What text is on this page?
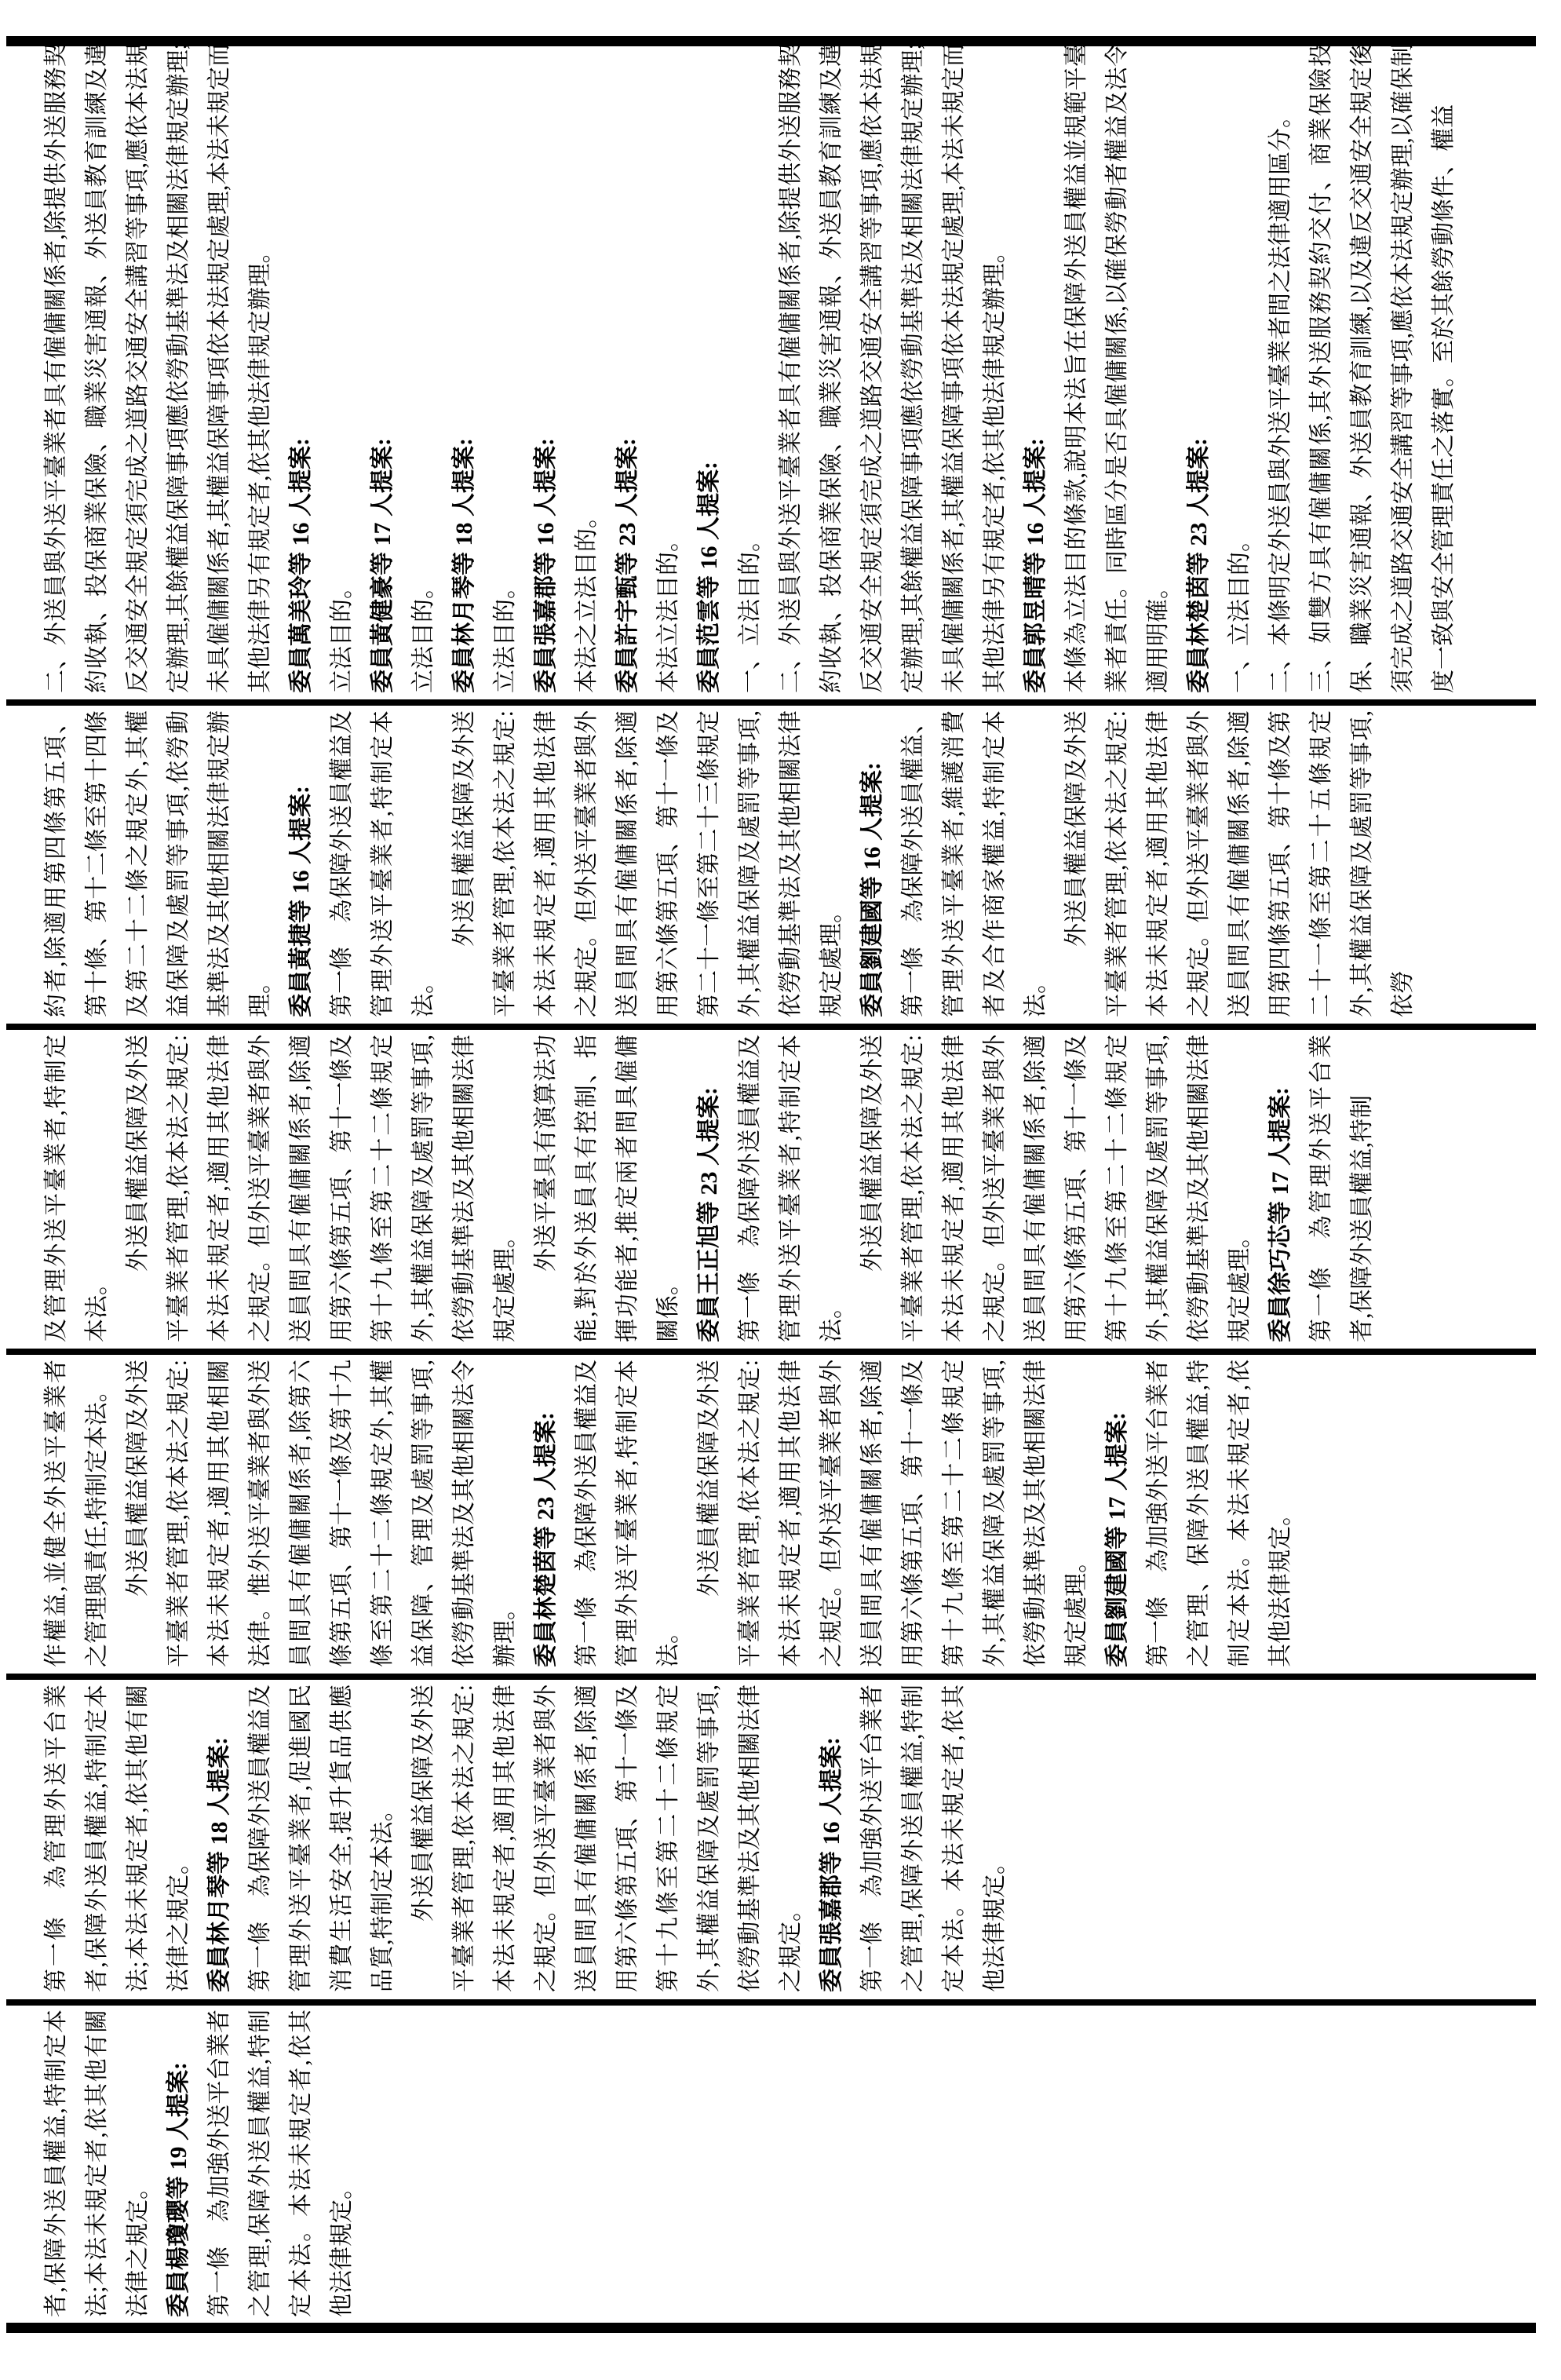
者,保障外送員權益,特制定本法;本法未規定者,依其他有關法律之規定。 委員楊瓊瓔等 19 人提案: 第一條　為加強外送平台業者之管理,保障外送員權益,特制定本法。本法未規定者,依其他法律規定。

第一條　為管理外送平台業者,保障外送員權益,特制定本法;本法未規定者,依其他有關法律之規定。 委員林月琴等 18 人提案: 第一條　為保障外送員權益及管理外送平臺業者,促進國民消費生活安全,提升貨品供應品質,特制定本法。 外送員權益保障及外送平臺業者管理,依本法之規定:本法未規定者,適用其他法律之規定。但外送平臺業者與外送員間具有僱傭關係者,除適用第六條第五項、第十一條及第十九條至第二十二條規定外,其權益保障及處罰等事項,依勞動基準法及其他相關法律之規定。 委員張嘉郡等 16 人提案: 第一條　為加強外送平台業者之管理,保障外送員權益,特制定本法。本法未規定者,依其他法律規定。

作權益,並健全外送平臺業者之管理與責任,特制定本法。 外送員權益保障及外送平臺業者管理,依本法之規定:本法未規定者,適用其他相關法律。惟外送平臺業者與外送員間具有僱傭關係者,除第六條第五項、第十一條及第十九條至第二十二條規定外,其權益保障、管理及處罰等事項,依勞動基準法及其他相關法令辦理。 委員林楚茵等 23 人提案: 第一條　為保障外送員權益及管理外送平臺業者,特制定本法。

外送員權益保障及外送平臺業者管理,依本法之規定:本法未規定者,適用其他法律之規定。但外送平臺業者與外送員間具有僱傭關係者,除適用第六條第五項、第十一條及第十九條至第二十二條規定外,其權益保障及處罰等事項,依勞動基準法及其他相關法律規定處理。 委員劉建國等 17 人提案: 第一條　為加強外送平台業者之管理、保障外送員權益,特制定本法。本法未規定者,依其他法律規定。

及管理外送平臺業者,特制定本法。

外送員權益保障及外送平臺業者管理,依本法之規定:本法未規定者,適用其他法律之規定。但外送平臺業者與外送員間具有僱傭關係者,除適用第六條第五項、第十一條及第十九條至第二十二條規定外,其權益保障及處罰等事項,依勞動基準法及其他相關法律規定處理。

外送平臺具有演算法功能,對於外送員具有控制、指揮功能者,推定兩者間具僱傭關係。 委員王正旭等 23 人提案: 第一條　為保障外送員權益及管理外送平臺業者,特制定本法。

外送員權益保障及外送平臺業者管理,依本法之規定:本法未規定者,適用其他法律之規定。但外送平臺業者與外送員間具有僱傭關係者,除適用第六條第五項、第十一條及第十九條至第二十二條規定外,其權益保障及處罰等事項,依勞動基準法及其他相關法律規定處理。 委員徐巧芯等 17 人提案: 第一條　為管理外送平台業者,保障外送員權益,特制

約者,除適用第四條第五項、第十條、第十二條至第十四條及第二十二條之規定外,其權益保障及處罰等事項,依勞動基準法及其他相關法律規定辦理。 委員黃捷等 16 人提案: 第一條　為保障外送員權益及管理外送平臺業者,特制定本法。

外送員權益保障及外送平臺業者管理,依本法之規定:本法未規定者,適用其他法律之規定。但外送平臺業者與外送員間具有僱傭關係者,除適用第六條第五項、第十一條及第二十一條至第二十三條規定外,其權益保障及處罰等事項,依勞動基準法及其他相關法律規定處理。 委員劉建國等 16 人提案: 第一條　為保障外送員權益、管理外送平臺業者,維護消費者及合作商家權益,特制定本法。

外送員權益保障及外送平臺業者管理,依本法之規定:本法未規定者,適用其他法律之規定。但外送平臺業者與外送員間具有僱傭關係者,除適用第四條第五項、第十條及第二十一條至第二十五條規定外,其權益保障及處罰等事項,依勞

二、外送員與外送平臺業者具有僱傭關係者,除提供外送服務契約收執、投保商業保險、職業災害通報、外送員教育訓練及違反交通安全規定須完成之道路交通安全講習等事項,應依本法規定辦理,其餘權益保障事項應依勞動基準法及相關法律規定辦理;未具僱傭關係者,其權益保障事項依本法規定處理,本法未規定而其他法律另有規定者,依其他法律規定辦理。 委員萬美玲等 16 人提案: 立法目的。 委員黃健豪等 17 人提案: 立法目的。 委員林月琴等 18 人提案: 立法目的。 委員張嘉郡等 16 人提案: 本法之立法目的。 委員許宇甄等 23 人提案: 本法立法目的。 委員范雲等 16 人提案: 一、立法目的。 二、外送員與外送平臺業者具有僱傭關係者,除提供外送服務契約收執、投保商業保險、職業災害通報、外送員教育訓練及違反交通安全規定須完成之道路交通安全講習等事項,應依本法規定辦理,其餘權益保障事項應依勞動基準法及相關法律規定辦理;未具僱傭關係者,其權益保障事項依本法規定處理,本法未規定而其他法律另有規定者,依其他法律規定辦理。 委員郭昱晴等 16 人提案: 本條為立法目的條款,說明本法旨在保障外送員權益並規範平臺業者責任。同時區分是否具僱傭關係,以確保勞動者權益及法令適用明確。 委員林楚茵等 23 人提案: 一、立法目的。 二、本條明定外送員與外送平臺業者間之法律適用區分。 三、如雙方具有僱傭關係,其外送服務契約交付、商業保險投保、職業災害通報、外送員教育訓練,以及違反交通安全規定後須完成之道路交通安全講習等事項,應依本法規定辦理,以確保制度一致與安全管理責任之落實。至於其餘勞動條件、權益
